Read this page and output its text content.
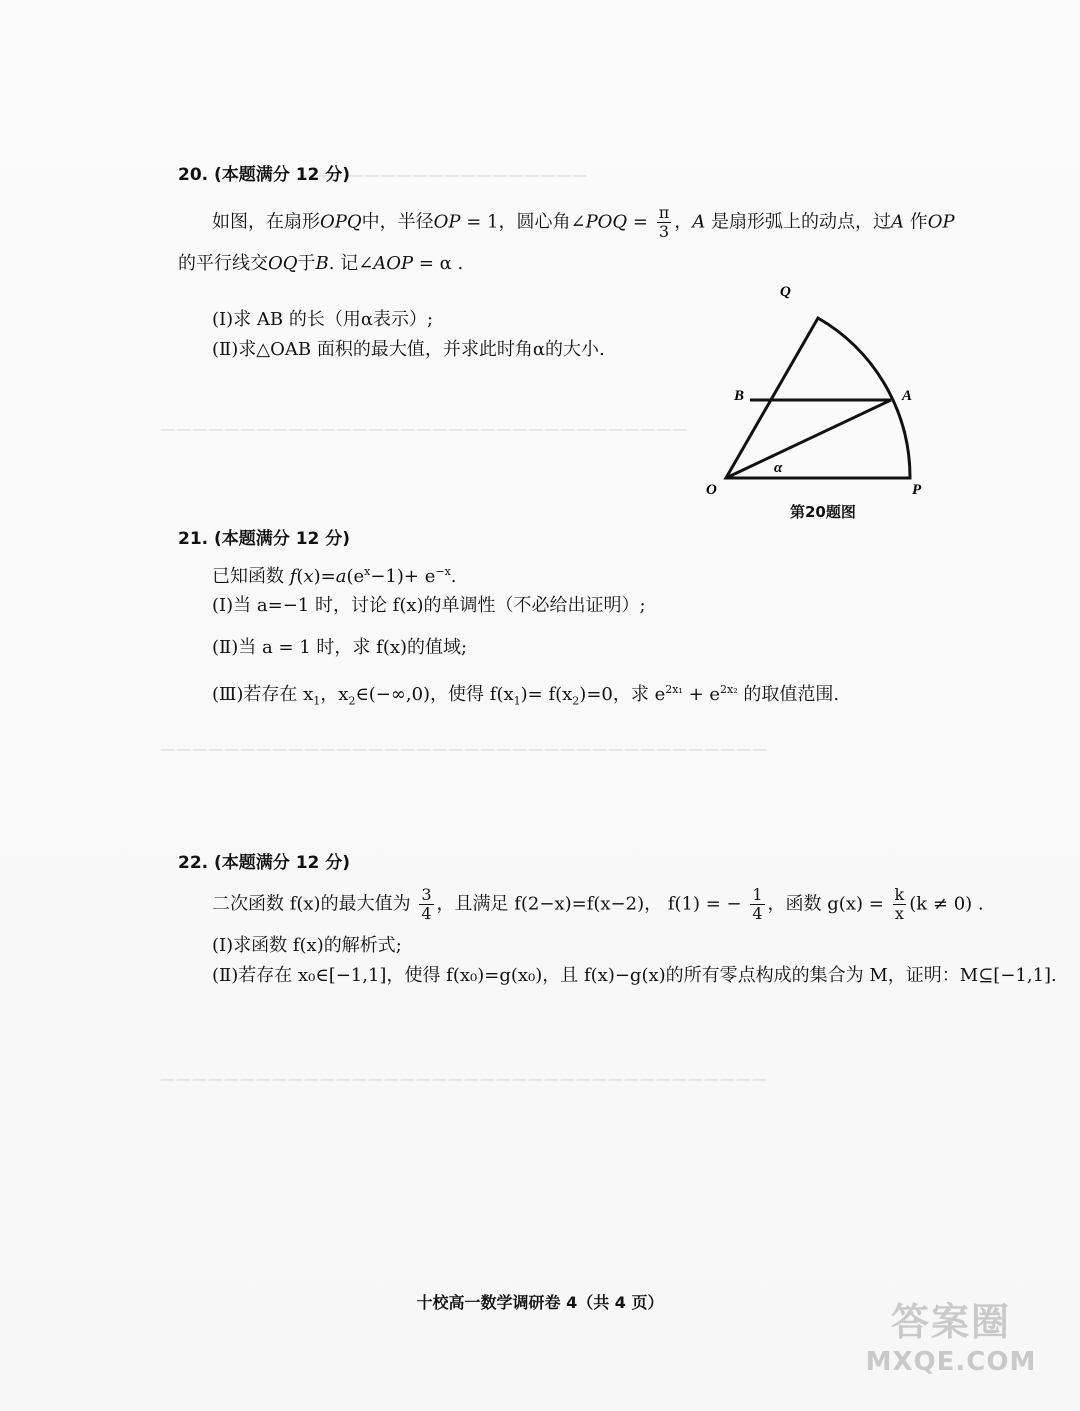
——————————————————
—————————————————————————————————
——————————————————————————————————————
——————————————————————————————————————
20. (本题满分 12 分)
如图，在扇形OPQ中，半径OP = 1，圆心角∠POQ = $\frac{\pi}{3}$ ，A 是扇形弧上的动点，过A 作OP
的平行线交OQ于B. 记∠AOP = α .
(Ⅰ)求 AB 的长（用α表示）;
(Ⅱ)求△OAB 面积的最大值，并求此时角α的大小.
Q
B	A
O	P
α
第20题图
21. (本题满分 12 分)
已知函数 $f(x)=a(e^x-1)+ e^{-x}$.
(Ⅰ)当 a=−1 时，讨论 f(x)的单调性（不必给出证明）;
(Ⅱ)当 a = 1 时，求 f(x)的值域;
(Ⅲ)若存在 $x_1$，$x_2\in(-\infty,0)$，使得 $f(x_1)= f(x_2)=0$，求 $e^{2x_1} + e^{2x_2}$ 的取值范围.
22. (本题满分 12 分)
二次函数 f(x)的最大值为 $\frac{3}{4}$ ，且满足 f(2−x)=f(x−2)， f(1) = − $\frac{1}{4}$ ，函数 $g(x) = \frac{k}{x} (k \ne 0)$ .
(Ⅰ)求函数 f(x)的解析式;
(Ⅱ)若存在 x₀∈[−1,1]，使得 f(x₀)=g(x₀)，且 f(x)−g(x)的所有零点构成的集合为 M，证明：M⊆[−1,1].
十校高一数学调研卷 4（共 4 页）	答案圈
MXQE.COM
